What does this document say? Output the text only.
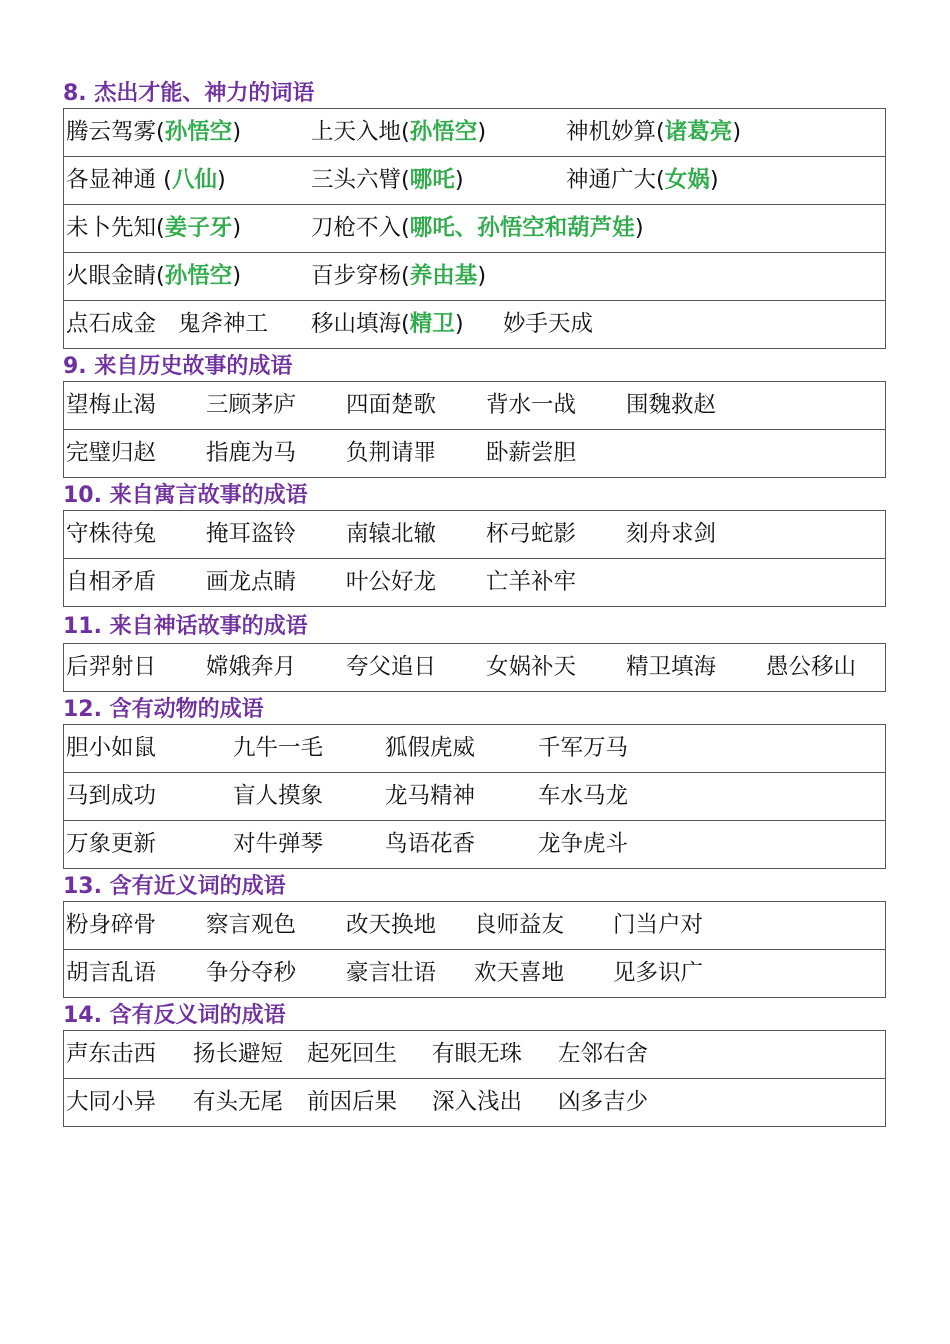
8. 杰出才能、神力的词语
腾云驾雾(孙悟空)	上天入地(孙悟空)	神机妙算(诸葛亮)

各显神通 (八仙)	三头六臂(哪吒)	神通广大(女娲)

未卜先知(姜子牙)	刀枪不入(哪吒、孙悟空和葫芦娃)

火眼金睛(孙悟空)	百步穿杨(养由基)

点石成金 鬼斧神工	移山填海(精卫)	妙手天成
9. 来自历史故事的成语
望梅止渴	三顾茅庐	四面楚歌	背水一战	围魏救赵

完璧归赵	指鹿为马	负荆请罪	卧薪尝胆
10. 来自寓言故事的成语
守株待兔	掩耳盗铃	南辕北辙	杯弓蛇影	刻舟求剑

自相矛盾	画龙点睛	叶公好龙	亡羊补牢
11. 来自神话故事的成语
后羿射日	嫦娥奔月	夸父追日	女娲补天	精卫填海	愚公移山
12. 含有动物的成语
胆小如鼠	九牛一毛	狐假虎威	千军万马

马到成功	盲人摸象	龙马精神	车水马龙

万象更新	对牛弹琴	鸟语花香	龙争虎斗
13. 含有近义词的成语
粉身碎骨	察言观色	改天换地	良师益友	门当户对

胡言乱语	争分夺秒	豪言壮语	欢天喜地	见多识广
14. 含有反义词的成语
声东击西	扬长避短	起死回生	有眼无珠	左邻右舍

大同小异	有头无尾	前因后果	深入浅出	凶多吉少
